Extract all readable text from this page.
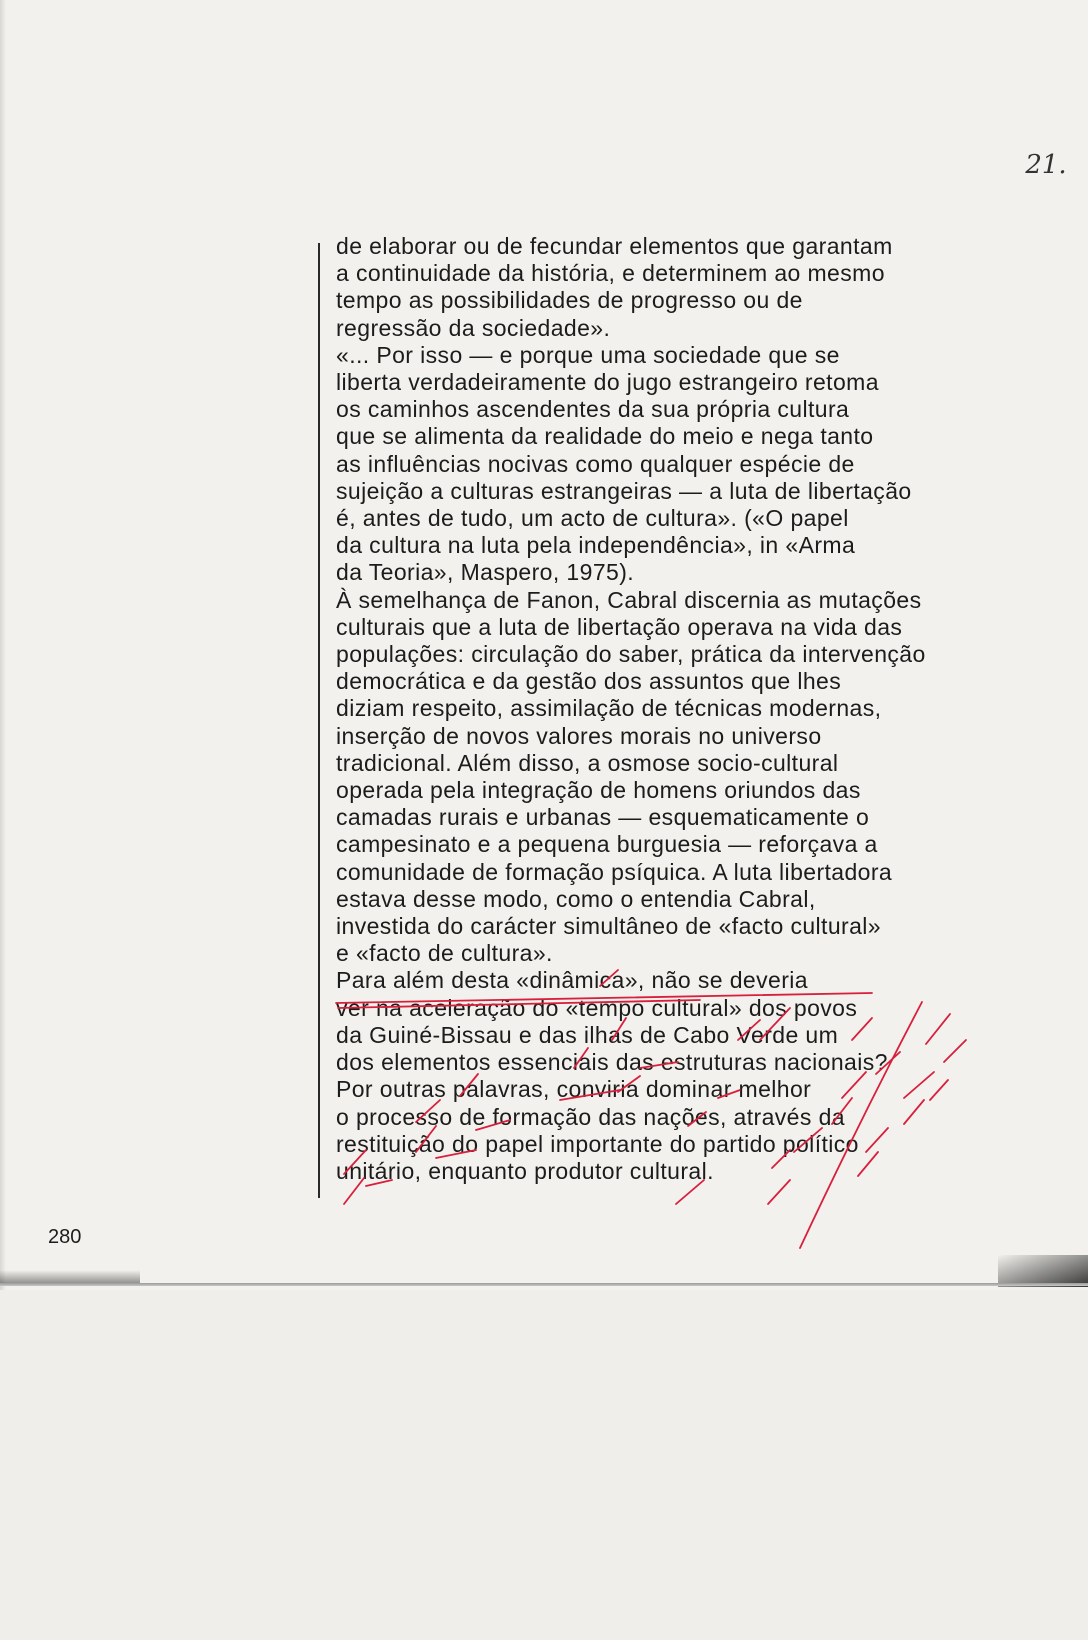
21.
de elaborar ou de fecundar elementos que garantam
a continuidade da história, e determinem ao mesmo
tempo as possibilidades de progresso ou de
regressão da sociedade».
«... Por isso — e porque uma sociedade que se
liberta verdadeiramente do jugo estrangeiro retoma
os caminhos ascendentes da sua própria cultura
que se alimenta da realidade do meio e nega tanto
as influências nocivas como qualquer espécie de
sujeição a culturas estrangeiras — a luta de libertação
é, antes de tudo, um acto de cultura». («O papel
da cultura na luta pela independência», in «Arma
da Teoria», Maspero, 1975).
À semelhança de Fanon, Cabral discernia as mutações
culturais que a luta de libertação operava na vida das
populações: circulação do saber, prática da intervenção
democrática e da gestão dos assuntos que lhes
diziam respeito, assimilação de técnicas modernas,
inserção de novos valores morais no universo
tradicional. Além disso, a osmose socio-cultural
operada pela integração de homens oriundos das
camadas rurais e urbanas — esquematicamente o
campesinato e a pequena burguesia — reforçava a
comunidade de formação psíquica. A luta libertadora
estava desse modo, como o entendia Cabral,
investida do carácter simultâneo de «facto cultural»
e «facto de cultura».
Para além desta «dinâmica», não se deveria
ver na aceleração do «tempo cultural» dos povos
da Guiné-Bissau e das ilhas de Cabo Verde um
dos elementos essenciais das estruturas nacionais?
Por outras palavras, conviria dominar melhor
o processo de formação das nações, através da
restituição do papel importante do partido político
unitário, enquanto produtor cultural.
280
